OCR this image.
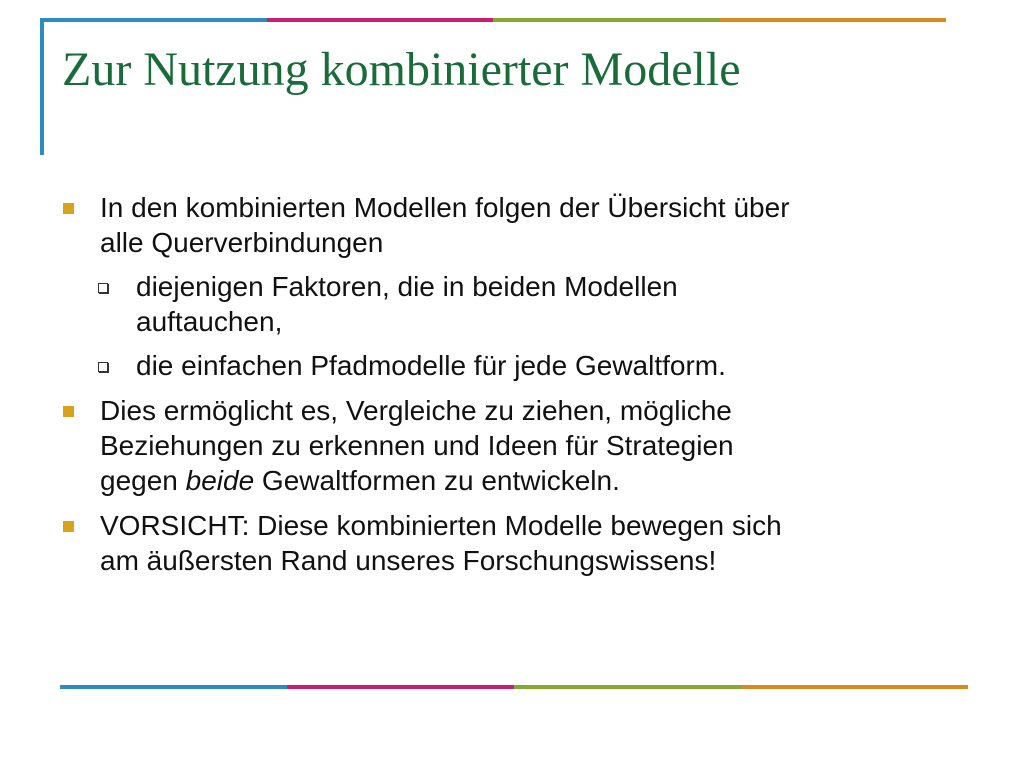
Zur Nutzung kombinierter Modelle
In den kombinierten Modellen folgen der Übersicht über
alle Querverbindungen
diejenigen Faktoren, die in beiden Modellen
auftauchen,
die einfachen Pfadmodelle für jede Gewaltform.
Dies ermöglicht es, Vergleiche zu ziehen, mögliche
Beziehungen zu erkennen und Ideen für Strategien
gegen beide Gewaltformen zu entwickeln.
VORSICHT: Diese kombinierten Modelle bewegen sich
am äußersten Rand unseres Forschungswissens!
